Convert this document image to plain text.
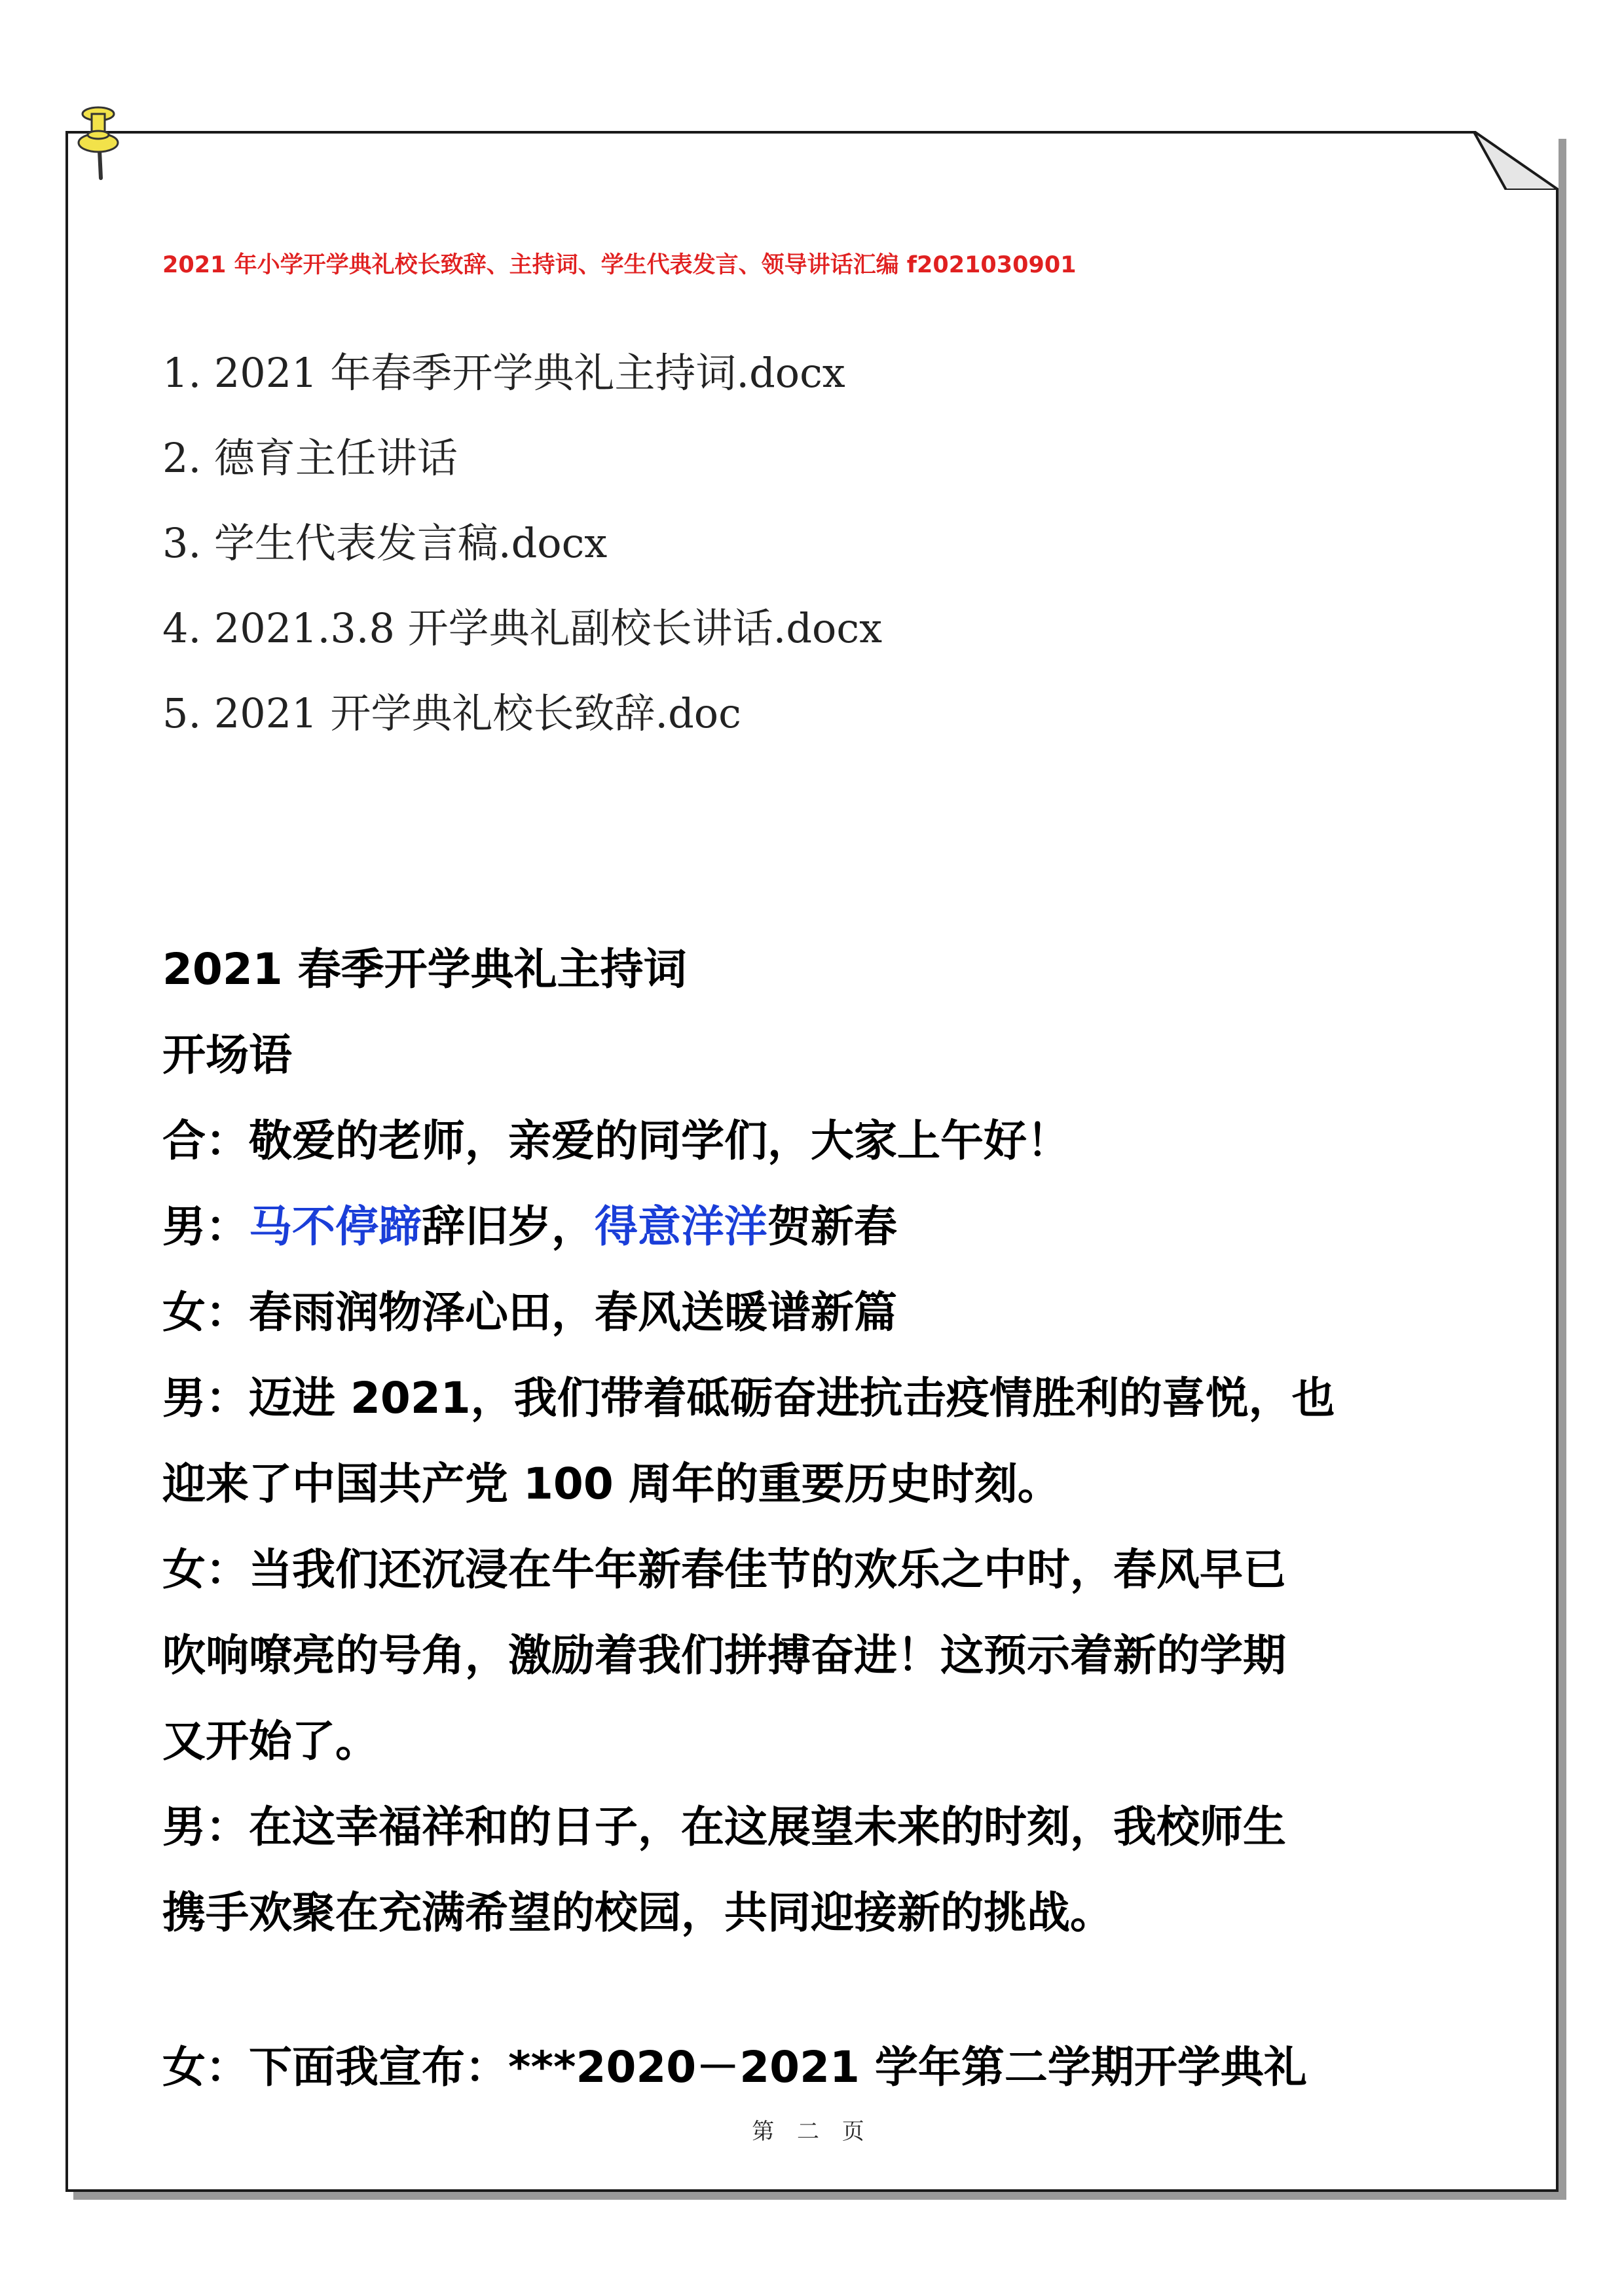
2021 年小学开学典礼校长致辞、主持词、学生代表发言、领导讲话汇编 f2021030901
1. 2021 年春季开学典礼主持词.docx
2. 德育主任讲话
3. 学生代表发言稿.docx
4. 2021.3.8 开学典礼副校长讲话.docx
5. 2021 开学典礼校长致辞.doc
2021 春季开学典礼主持词
开场语
合：敬爱的老师，亲爱的同学们，大家上午好！
男：马不停蹄辞旧岁，得意洋洋贺新春
女：春雨润物泽心田，春风送暖谱新篇
男：迈进 2021，我们带着砥砺奋进抗击疫情胜利的喜悦，也
迎来了中国共产党 100 周年的重要历史时刻。
女：当我们还沉浸在牛年新春佳节的欢乐之中时，春风早已
吹响嘹亮的号角，激励着我们拼搏奋进！这预示着新的学期
又开始了。
男：在这幸福祥和的日子，在这展望未来的时刻，我校师生
携手欢聚在充满希望的校园，共同迎接新的挑战。
女：下面我宣布：***2020－2021 学年第二学期开学典礼
第 二 页
